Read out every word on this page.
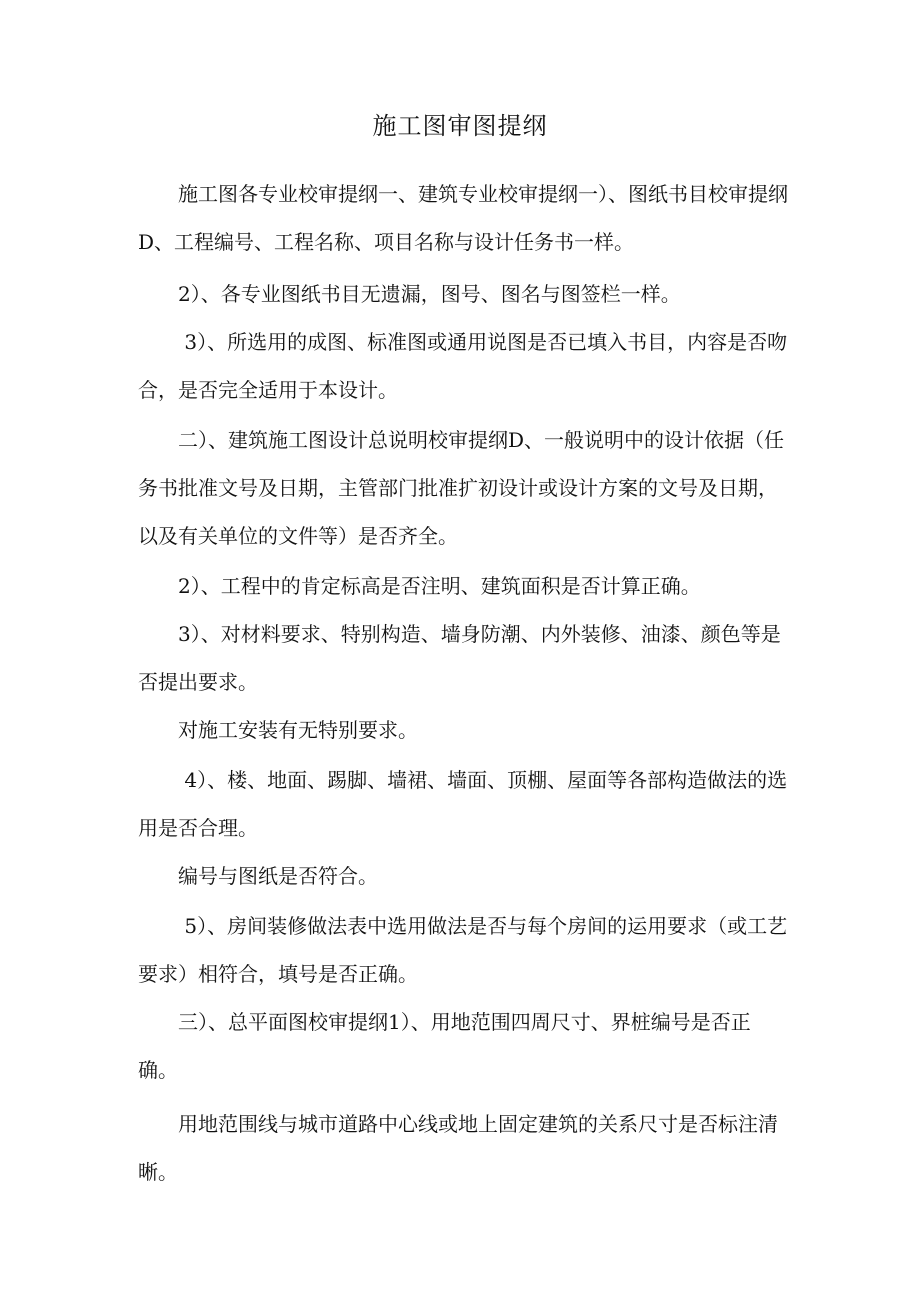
施工图审图提纲

　　施工图各专业校审提纲一、建筑专业校审提纲一）、图纸书目校审提纲D、工程编号、工程名称、项目名称与设计任务书一样。

　　2）、各专业图纸书目无遗漏，图号、图名与图签栏一样。

　　 3）、所选用的成图、标准图或通用说图是否已填入书目，内容是否吻合，是否完全适用于本设计。

　　二）、建筑施工图设计总说明校审提纲D、一般说明中的设计依据（任务书批准文号及日期，主管部门批准扩初设计或设计方案的文号及日期，以及有关单位的文件等）是否齐全。

　　2）、工程中的肯定标高是否注明、建筑面积是否计算正确。

　　3）、对材料要求、特别构造、墙身防潮、内外装修、油漆、颜色等是否提出要求。

　　对施工安装有无特别要求。

　　 4）、楼、地面、踢脚、墙裙、墙面、顶棚、屋面等各部构造做法的选用是否合理。

　　编号与图纸是否符合。

　　 5）、房间装修做法表中选用做法是否与每个房间的运用要求（或工艺要求）相符合，填号是否正确。

　　三）、总平面图校审提纲1）、用地范围四周尺寸、界桩编号是否正确。

　　用地范围线与城市道路中心线或地上固定建筑的关系尺寸是否标注清晰。
